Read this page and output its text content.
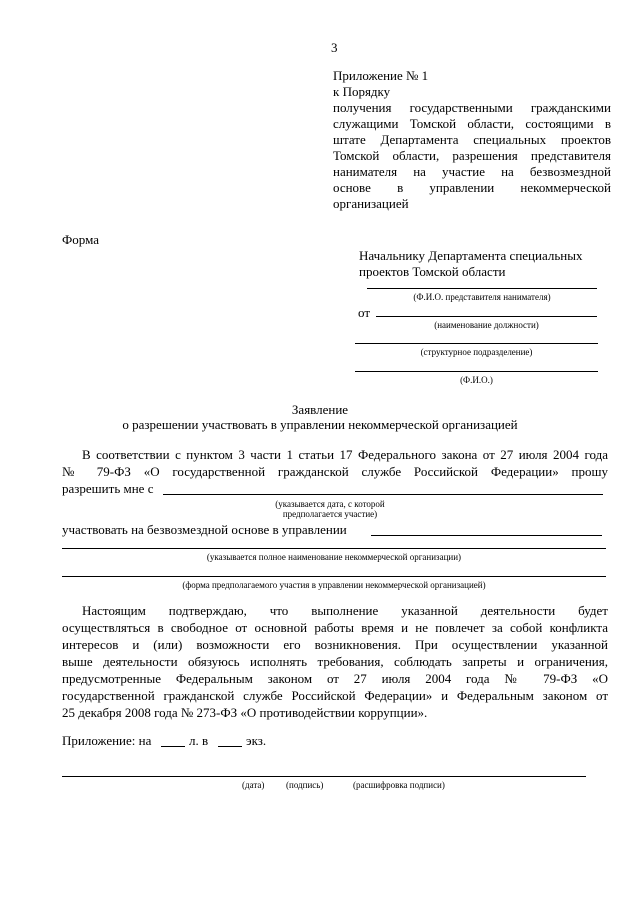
3
Приложение № 1
к Порядку
получения государственными гражданскими
служащими Томской области, состоящими в
штате Департамента специальных проектов
Томской области, разрешения представителя
нанимателя на участие на безвозмездной
основе в управлении некоммерческой
организацией
Форма
Начальнику Департамента специальных
проектов Томской области
(Ф.И.О. представителя нанимателя)
от
(наименование должности)
(структурное подразделение)
(Ф.И.О.)
Заявление
о разрешении участвовать в управлении некоммерческой организацией
В соответствии с пунктом 3 части 1 статьи 17 Федерального закона от 27 июля 2004 года
№ 79-ФЗ «О государственной гражданской службе Российской Федерации» прошу
разрешить мне с
(указывается дата, с которой
предполагается участие)
участвовать на безвозмездной основе в управлении
(указывается полное наименование некоммерческой организации)
(форма предполагаемого участия в управлении некоммерческой организацией)
Настоящим подтверждаю, что выполнение указанной деятельности будет
осуществляться в свободное от основной работы время и не повлечет за собой конфликта
интересов и (или) возможности его возникновения. При осуществлении указанной
выше деятельности обязуюсь исполнять требования, соблюдать запреты и ограничения,
предусмотренные Федеральным законом от 27 июля 2004 года № 79-ФЗ «О
государственной гражданской службе Российской Федерации» и Федеральным законом от
25 декабря 2008 года № 273-ФЗ «О противодействии коррупции».
Приложение: на	л. в	экз.
(дата) (подпись)	(расшифровка подписи)
